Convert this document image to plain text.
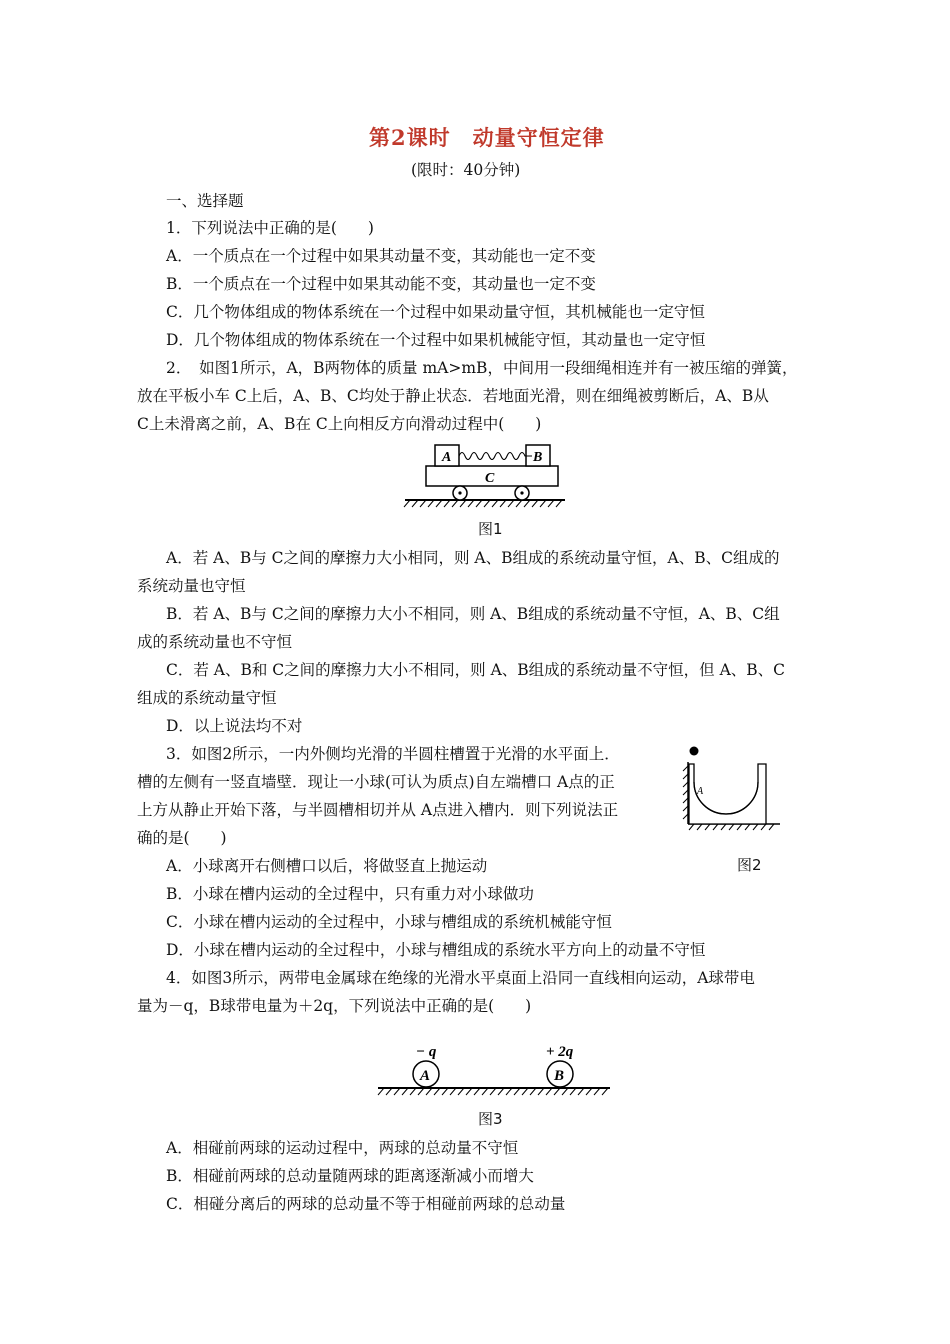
第2课时　动量守恒定律
(限时：40分钟)
一、选择题
1．下列说法中正确的是(　　)
A．一个质点在一个过程中如果其动量不变，其动能也一定不变
B．一个质点在一个过程中如果其动能不变，其动量也一定不变
C．几个物体组成的物体系统在一个过程中如果动量守恒，其机械能也一定守恒
D．几个物体组成的物体系统在一个过程中如果机械能守恒，其动量也一定守恒
2．　如图1所示，A，B两物体的质量 mA>mB，中间用一段细绳相连并有一被压缩的弹簧，
放在平板小车 C上后，A、B、C均处于静止状态．若地面光滑，则在细绳被剪断后，A、B从
C上未滑离之前，A、B在 C上向相反方向滑动过程中(　　)
A	B
C
图1
A．若 A、B与 C之间的摩擦力大小相同，则 A、B组成的系统动量守恒，A、B、C组成的
系统动量也守恒
B．若 A、B与 C之间的摩擦力大小不相同，则 A、B组成的系统动量不守恒，A、B、C组
成的系统动量也不守恒
C．若 A、B和 C之间的摩擦力大小不相同，则 A、B组成的系统动量不守恒，但 A、B、C
组成的系统动量守恒
D．以上说法均不对
3．如图2所示，一内外侧均光滑的半圆柱槽置于光滑的水平面上．
槽的左侧有一竖直墙壁．现让一小球(可认为质点)自左端槽口 A点的正
上方从静止开始下落，与半圆槽相切并从 A点进入槽内．则下列说法正
确的是(　　)
A
A．小球离开右侧槽口以后，将做竖直上抛运动	图2
B．小球在槽内运动的全过程中，只有重力对小球做功
C．小球在槽内运动的全过程中，小球与槽组成的系统机械能守恒
D．小球在槽内运动的全过程中，小球与槽组成的系统水平方向上的动量不守恒
4．如图3所示，两带电金属球在绝缘的光滑水平桌面上沿同一直线相向运动，A球带电
量为－q，B球带电量为＋2q，下列说法中正确的是(　　)
− q	+ 2q
A	B
图3
A．相碰前两球的运动过程中，两球的总动量不守恒
B．相碰前两球的总动量随两球的距离逐渐减小而增大
C．相碰分离后的两球的总动量不等于相碰前两球的总动量
